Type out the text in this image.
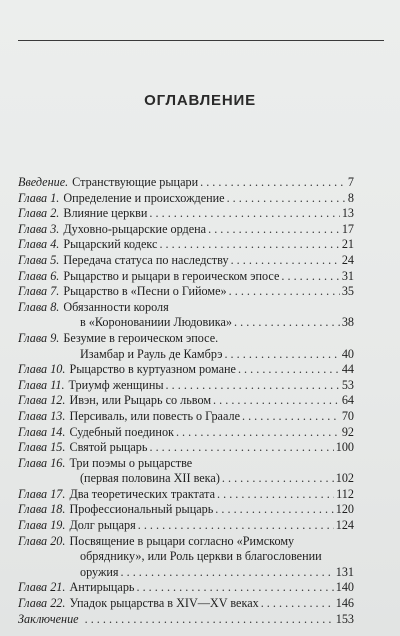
ОГЛАВЛЕНИЕ
Введение. Странствующие рыцари . . .	7
Глава 1. Определение и происхождение . . .	8
Глава 2. Влияние церкви . . .	13
Глава 3. Духовно-рыцарские ордена . . .	17
Глава 4. Рыцарский кодекс . . .	21
Глава 5. Передача статуса по наследству . . .	24
Глава 6. Рыцарство и рыцари в героическом эпосе . . .	31
Глава 7. Рыцарство в «Песни о Гийоме» . . .	35
Глава 8. Обязанности короля
в «Коронованиии Людовика» . . .	38
Глава 9. Безумие в героическом эпосе.
Изамбар и Рауль де Камбрэ . . .	40
Глава 10. Рыцарство в куртуазном романе . . .	44
Глава 11. Триумф женщины . . .	53
Глава 12. Ивэн, или Рыцарь со львом . . .	64
Глава 13. Персиваль, или повесть о Граале . . .	70
Глава 14. Судебный поединок . . .	92
Глава 15. Святой рыцарь . . .	100
Глава 16. Три поэмы о рыцарстве
(первая половина XII века) . . .	102
Глава 17. Два теоретических трактата . . .	112
Глава 18. Профессиональный рыцарь . . .	120
Глава 19. Долг рыцаря . . .	124
Глава 20. Посвящение в рыцари согласно «Римскому
обряднику», или Роль церкви в благословении
оружия . . .	131
Глава 21. Антирыцарь . . .	140
Глава 22. Упадок рыцарства в XIV—XV веках . . .	146
Заключение . . .	153
